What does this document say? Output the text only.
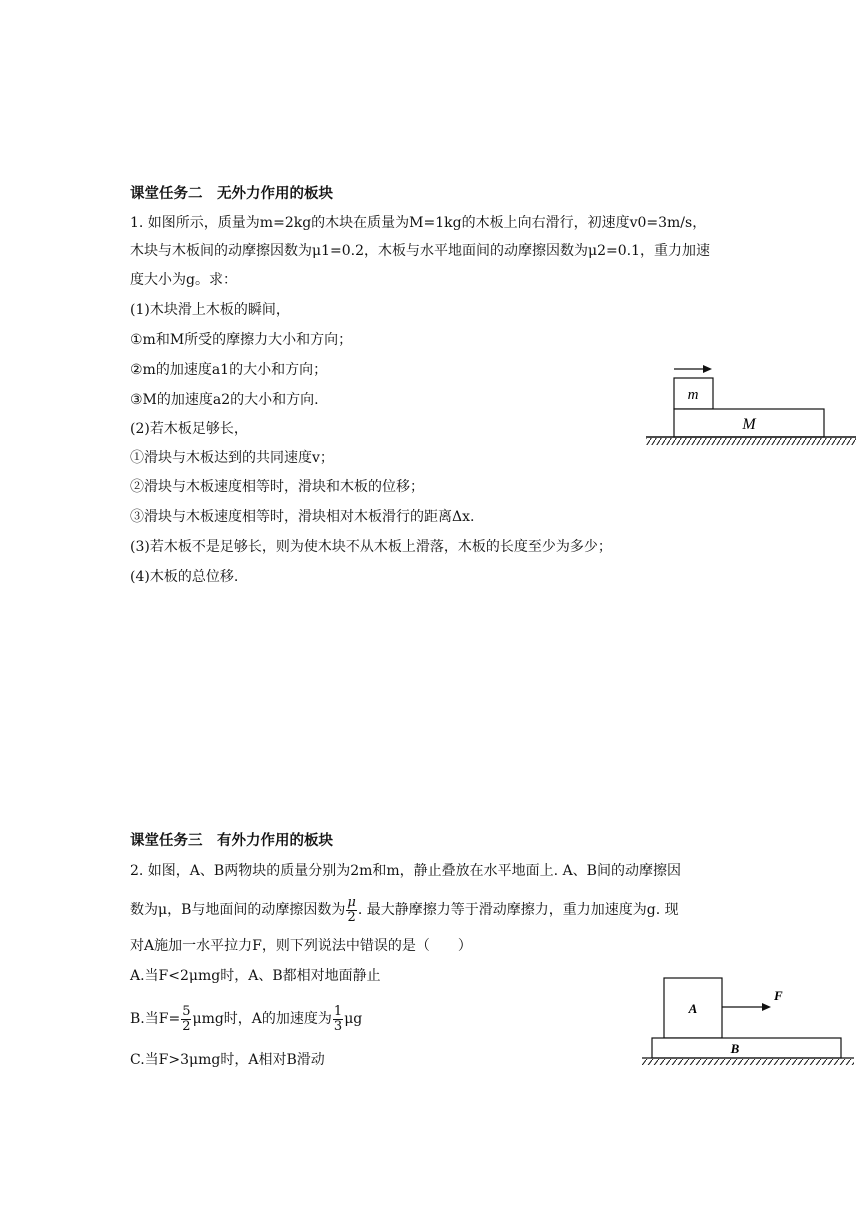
课堂任务二　无外力作用的板块
1. 如图所示，质量为m=2kg的木块在质量为M=1kg的木板上向右滑行，初速度v0=3m/s，
木块与木板间的动摩擦因数为μ1=0.2，木板与水平地面间的动摩擦因数为μ2=0.1，重力加速
度大小为g。求：
(1)木块滑上木板的瞬间，
①m和M所受的摩擦力大小和方向；
②m的加速度a1的大小和方向；
③M的加速度a2的大小和方向.
(2)若木板足够长，
①滑块与木板达到的共同速度v；
②滑块与木板速度相等时，滑块和木板的位移；
③滑块与木板速度相等时，滑块相对木板滑行的距离Δx.
(3)若木板不是足够长，则为使木块不从木板上滑落，木板的长度至少为多少；
(4)木板的总位移.
m
M
课堂任务三　有外力作用的板块
2. 如图，A、B两物块的质量分别为2m和m，静止叠放在水平地面上. A、B间的动摩擦因
数为μ，B与地面间的动摩擦因数为 $\frac{\mu}{2}$ . 最大静摩擦力等于滑动摩擦力，重力加速度为g. 现
对A施加一水平拉力F，则下列说法中错误的是（　　）
A.当F<2μmg时，A、B都相对地面静止
B.当$F= \frac{5}{2}$ μmg时，A的加速度为 $\frac{1}{3}$ μg
C.当F>3μmg时，A相对B滑动
A
F
B
